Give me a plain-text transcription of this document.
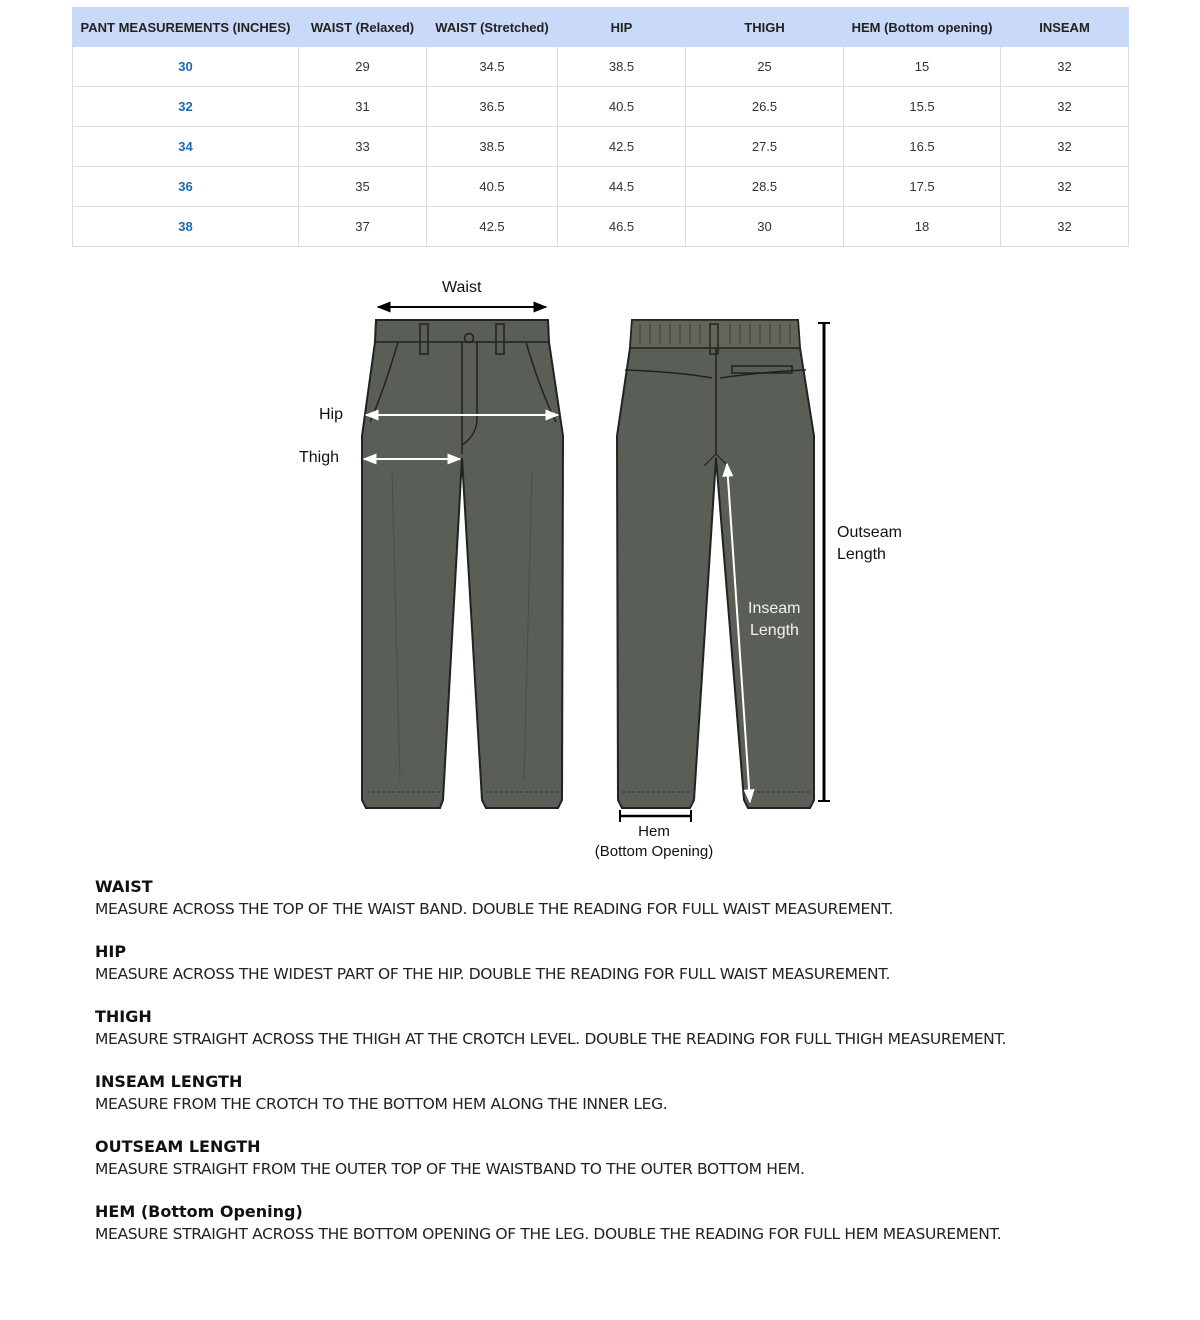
PANT MEASUREMENTS (INCHES)	WAIST (Relaxed)	WAIST (Stretched)	HIP	THIGH	HEM (Bottom opening)	INSEAM
30	29	34.5	38.5	25	15	32
32	31	36.5	40.5	26.5	15.5	32
34	33	38.5	42.5	27.5	16.5	32
36	35	40.5	44.5	28.5	17.5	32
38	37	42.5	46.5	30	18	32
Waist
Hip
Thigh
Outseam
Length
Inseam
Length
Hem
(Bottom Opening)
WAIST
MEASURE ACROSS THE TOP OF THE WAIST BAND. DOUBLE THE READING FOR FULL WAIST MEASUREMENT.
HIP
MEASURE ACROSS THE WIDEST PART OF THE HIP. DOUBLE THE READING FOR FULL WAIST MEASUREMENT.
THIGH
MEASURE STRAIGHT ACROSS THE THIGH AT THE CROTCH LEVEL. DOUBLE THE READING FOR FULL THIGH MEASUREMENT.
INSEAM LENGTH
MEASURE FROM THE CROTCH TO THE BOTTOM HEM ALONG THE INNER LEG.
OUTSEAM LENGTH
MEASURE STRAIGHT FROM THE OUTER TOP OF THE WAISTBAND TO THE OUTER BOTTOM HEM.
HEM (Bottom Opening)
MEASURE STRAIGHT ACROSS THE BOTTOM OPENING OF THE LEG. DOUBLE THE READING FOR FULL HEM MEASUREMENT.
